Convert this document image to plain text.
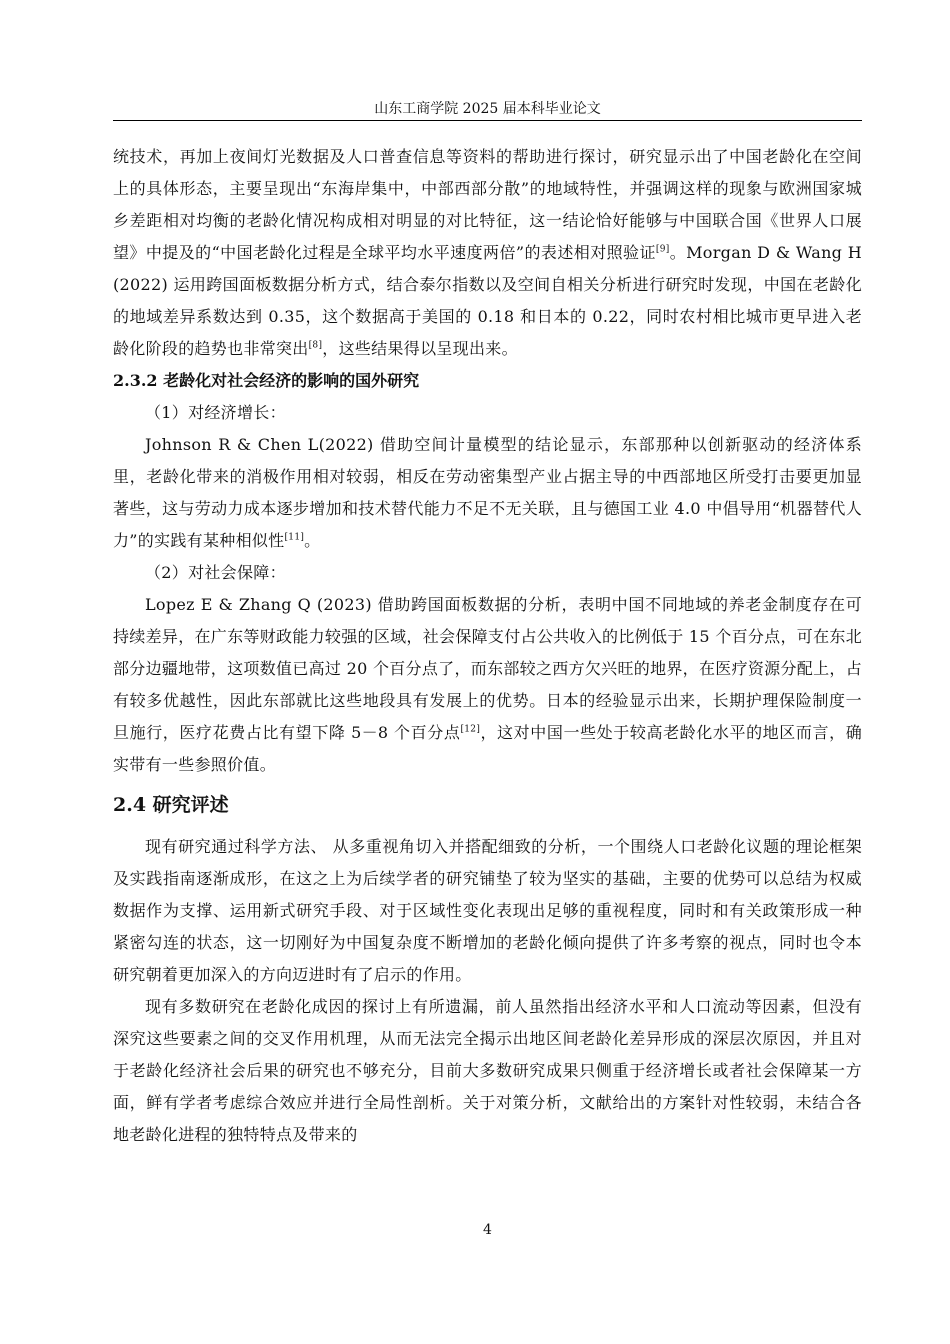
山东工商学院 2025 届本科毕业论文

统技术，再加上夜间灯光数据及人口普查信息等资料的帮助进行探讨，研究显示出了中国老龄化在空间上的具体形态，主要呈现出“东海岸集中，中部西部分散”的地域特性，并强调这样的现象与欧洲国家城乡差距相对均衡的老龄化情况构成相对明显的对比特征，这一结论恰好能够与中国联合国《世界人口展望》中提及的“中国老龄化过程是全球平均水平速度两倍”的表述相对照验证[9]。Morgan D & Wang H(2022) 运用跨国面板数据分析方式，结合泰尔指数以及空间自相关分析进行研究时发现，中国在老龄化的地域差异系数达到 0.35，这个数据高于美国的 0.18 和日本的 0.22，同时农村相比城市更早进入老龄化阶段的趋势也非常突出[8]，这些结果得以呈现出来。

2.3.2 老龄化对社会经济的影响的国外研究

（1）对经济增长：

Johnson R & Chen L(2022) 借助空间计量模型的结论显示，东部那种以创新驱动的经济体系里，老龄化带来的消极作用相对较弱，相反在劳动密集型产业占据主导的中西部地区所受打击要更加显著些，这与劳动力成本逐步增加和技术替代能力不足不无关联，且与德国工业 4.0 中倡导用“机器替代人力”的实践有某种相似性[11]。

（2）对社会保障：

Lopez E & Zhang Q (2023) 借助跨国面板数据的分析，表明中国不同地域的养老金制度存在可持续差异，在广东等财政能力较强的区域，社会保障支付占公共收入的比例低于 15 个百分点，可在东北部分边疆地带，这项数值已高过 20 个百分点了，而东部较之西方欠兴旺的地界，在医疗资源分配上，占有较多优越性，因此东部就比这些地段具有发展上的优势。日本的经验显示出来，长期护理保险制度一旦施行，医疗花费占比有望下降 5－8 个百分点[12]，这对中国一些处于较高老龄化水平的地区而言，确实带有一些参照价值。

2.4 研究评述

现有研究通过科学方法、 从多重视角切入并搭配细致的分析，一个围绕人口老龄化议题的理论框架及实践指南逐渐成形，在这之上为后续学者的研究铺垫了较为坚实的基础，主要的优势可以总结为权威数据作为支撑、运用新式研究手段、对于区域性变化表现出足够的重视程度，同时和有关政策形成一种紧密勾连的状态，这一切刚好为中国复杂度不断增加的老龄化倾向提供了许多考察的视点，同时也令本研究朝着更加深入的方向迈进时有了启示的作用。

现有多数研究在老龄化成因的探讨上有所遗漏，前人虽然指出经济水平和人口流动等因素，但没有深究这些要素之间的交叉作用机理，从而无法完全揭示出地区间老龄化差异形成的深层次原因，并且对于老龄化经济社会后果的研究也不够充分，目前大多数研究成果只侧重于经济增长或者社会保障某一方面，鲜有学者考虑综合效应并进行全局性剖析。关于对策分析，文献给出的方案针对性较弱，未结合各地老龄化进程的独特特点及带来的

4
